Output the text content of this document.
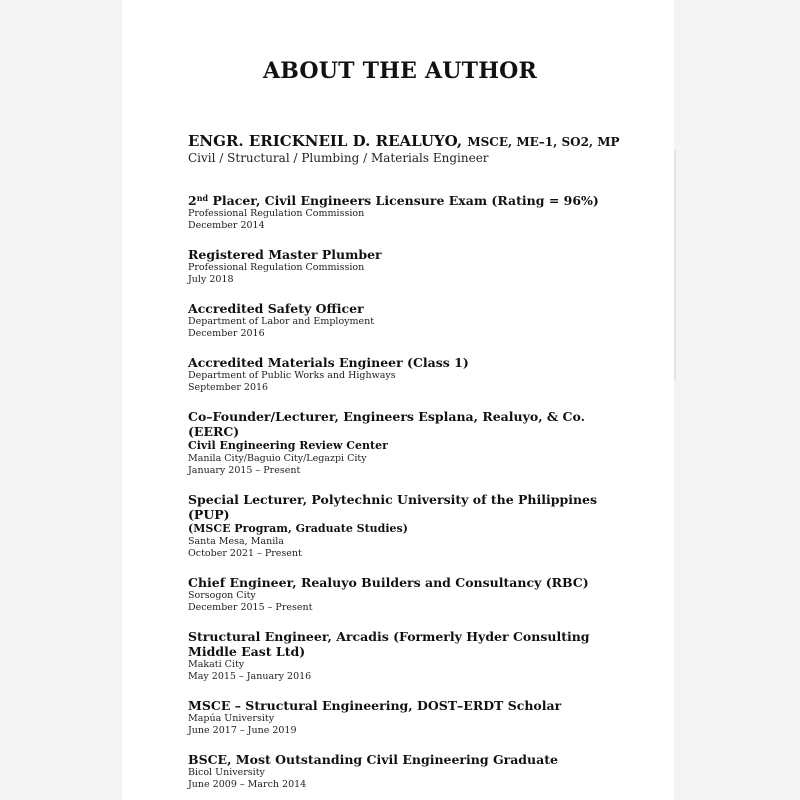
ABOUT THE AUTHOR
ENGR. ERICKNEIL D. REALUYO, MSCE, ME–1, SO2, MP
Civil / Structural / Plumbing / Materials Engineer
2nd Placer, Civil Engineers Licensure Exam (Rating = 96%)
Professional Regulation Commission
December 2014
Registered Master Plumber
Professional Regulation Commission
July 2018
Accredited Safety Officer
Department of Labor and Employment
December 2016
Accredited Materials Engineer (Class 1)
Department of Public Works and Highways
September 2016
Co–Founder/Lecturer, Engineers Esplana, Realuyo, & Co. (EERC)
Civil Engineering Review Center
Manila City/Baguio City/Legazpi City
January 2015 – Present
Special Lecturer, Polytechnic University of the Philippines (PUP)
(MSCE Program, Graduate Studies)
Santa Mesa, Manila
October 2021 – Present
Chief Engineer, Realuyo Builders and Consultancy (RBC)
Sorsogon City
December 2015 – Present
Structural Engineer, Arcadis (Formerly Hyder Consulting Middle East Ltd)
Makati City
May 2015 – January 2016
MSCE – Structural Engineering, DOST–ERDT Scholar
Mapúa University
June 2017 – June 2019
BSCE, Most Outstanding Civil Engineering Graduate
Bicol University
June 2009 – March 2014
